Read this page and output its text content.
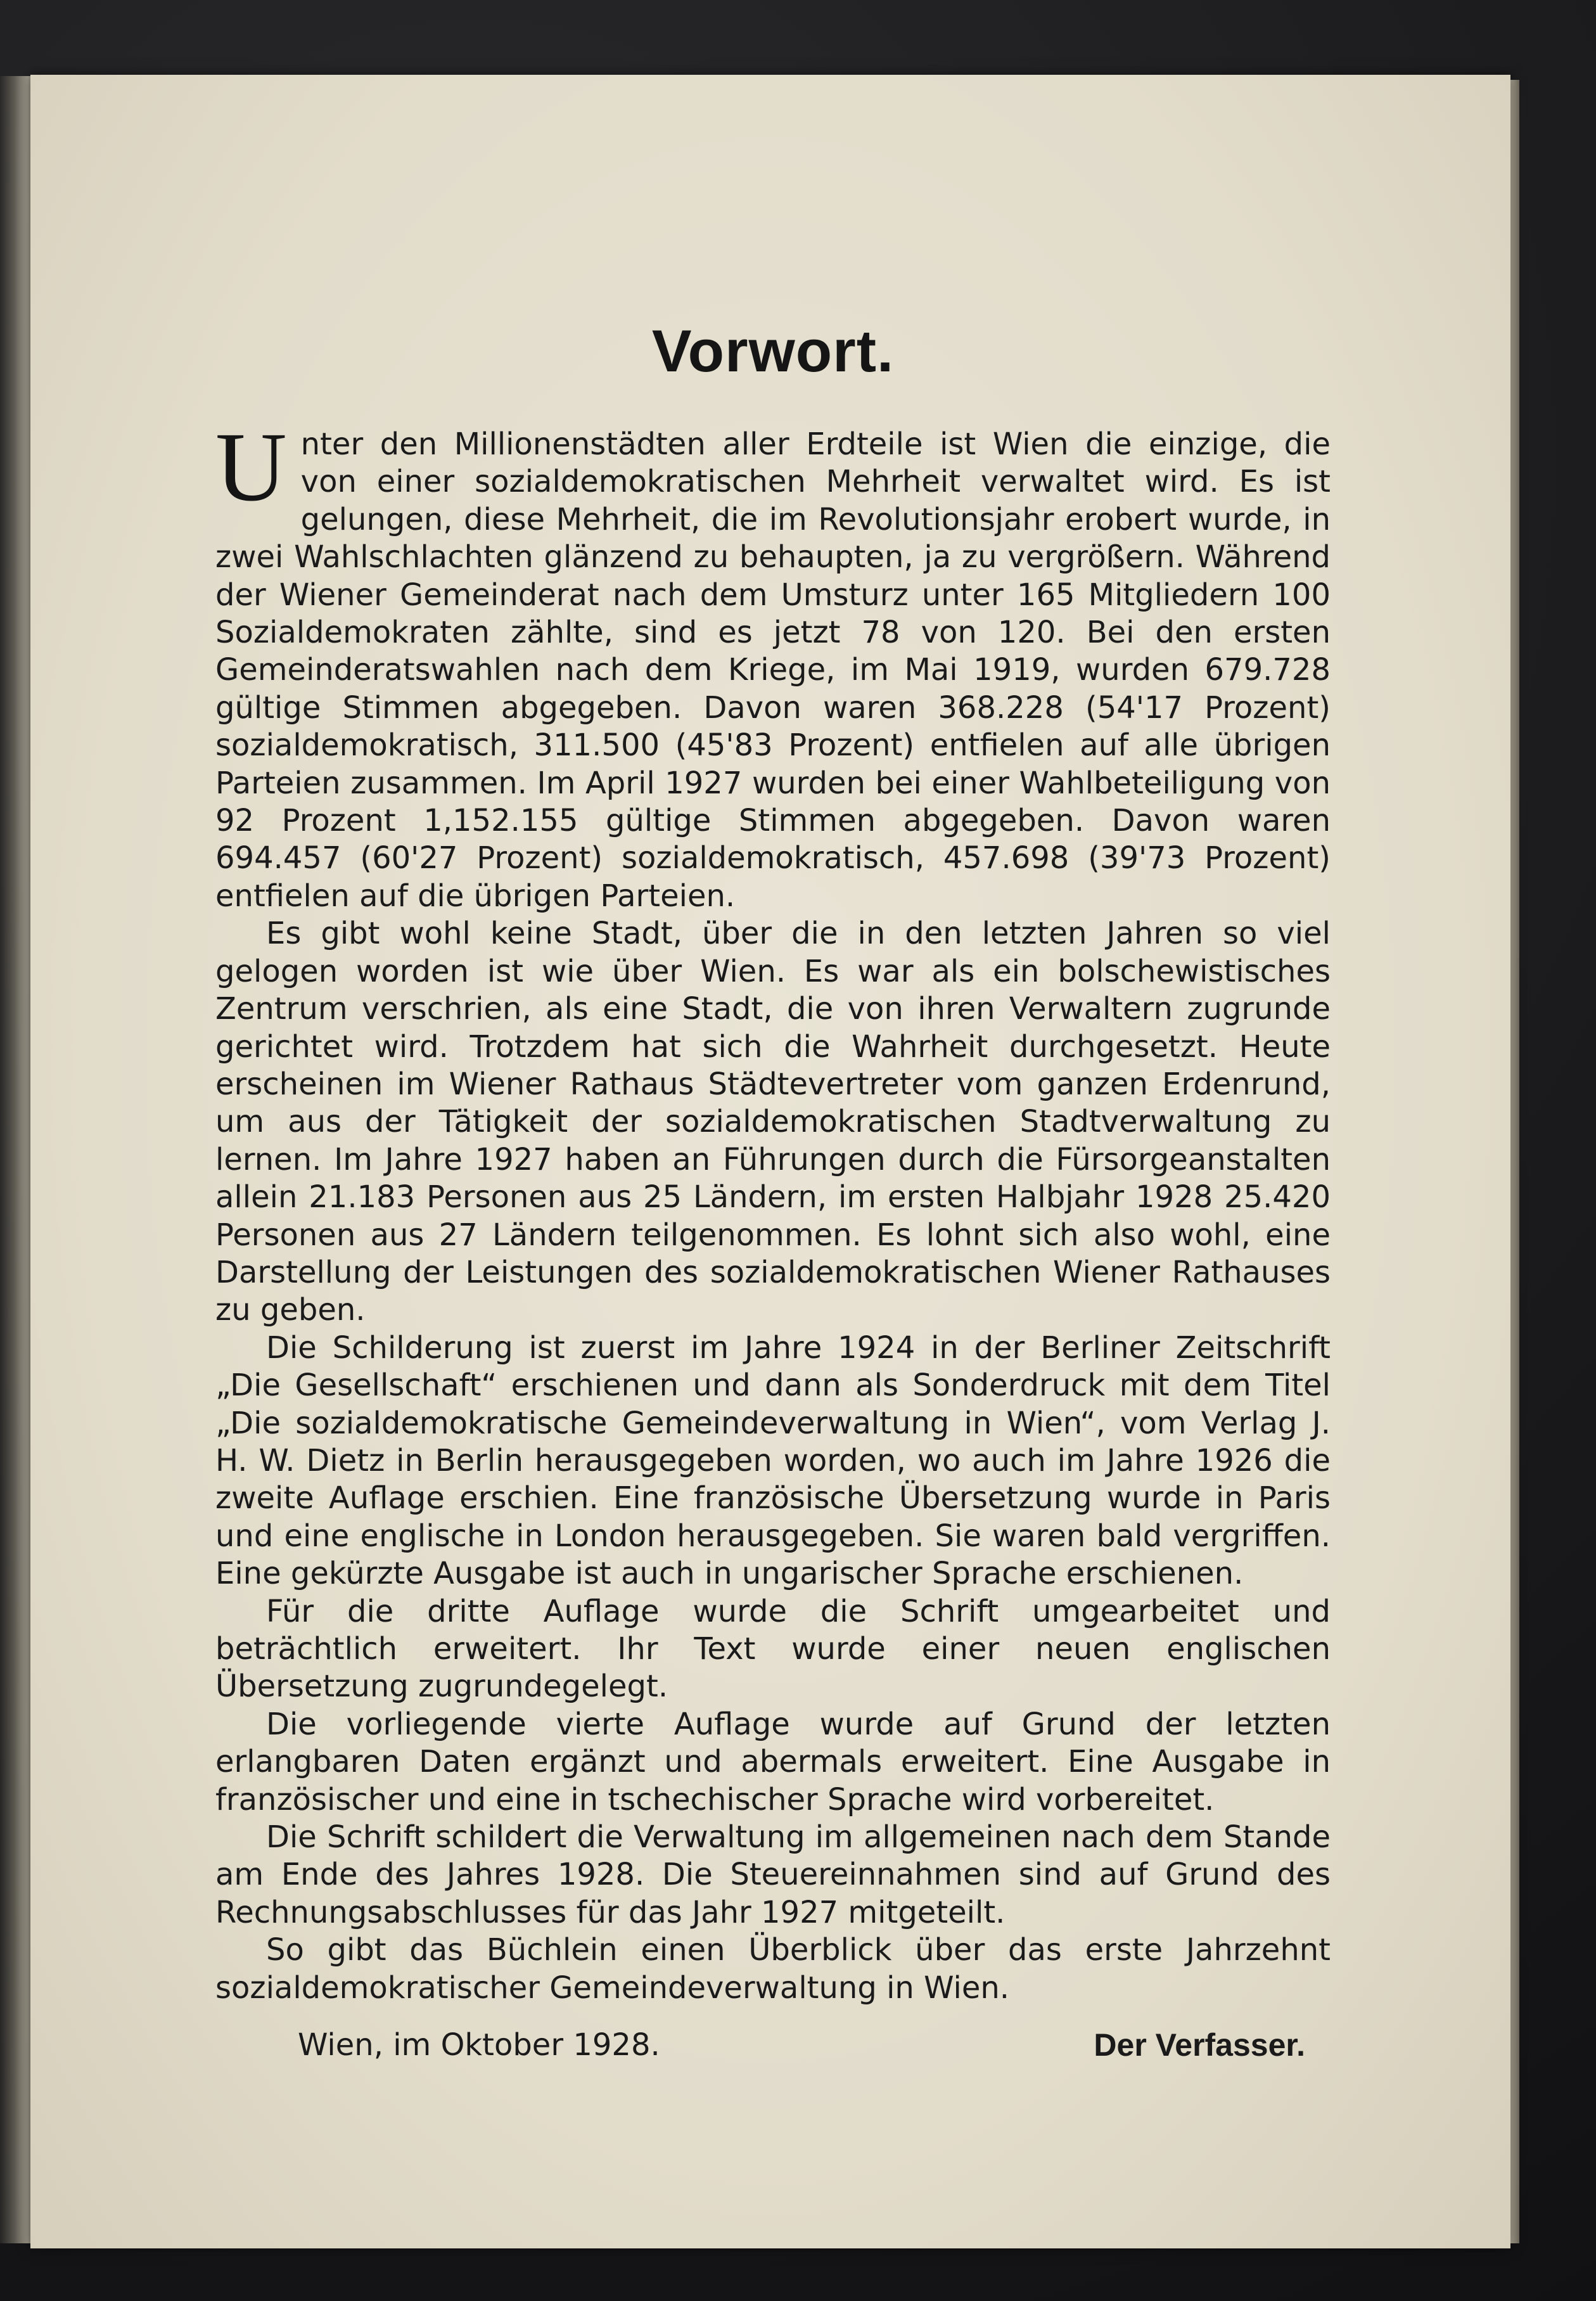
Vorwort.

Unter den Millionenstädten aller Erdteile ist Wien die einzige, die von einer sozialdemokratischen Mehrheit verwaltet wird. Es ist gelungen, diese Mehrheit, die im Revolutionsjahr erobert wurde, in zwei Wahlschlachten glänzend zu behaupten, ja zu vergrößern. Während der Wiener Gemeinderat nach dem Umsturz unter 165 Mitgliedern 100 Sozialdemokraten zählte, sind es jetzt 78 von 120. Bei den ersten Gemeinderatswahlen nach dem Kriege, im Mai 1919, wurden 679.728 gültige Stimmen abgegeben. Davon waren 368.228 (54'17 Prozent) sozialdemokratisch, 311.500 (45'83 Prozent) entfielen auf alle übrigen Parteien zusammen. Im April 1927 wurden bei einer Wahlbeteiligung von 92 Prozent 1,152.155 gültige Stimmen abgegeben. Davon waren 694.457 (60'27 Prozent) sozialdemokratisch, 457.698 (39'73 Prozent) entfielen auf die übrigen Parteien.

Es gibt wohl keine Stadt, über die in den letzten Jahren so viel gelogen worden ist wie über Wien. Es war als ein bolschewistisches Zentrum verschrien, als eine Stadt, die von ihren Verwaltern zugrunde gerichtet wird. Trotzdem hat sich die Wahrheit durchgesetzt. Heute erscheinen im Wiener Rathaus Städtevertreter vom ganzen Erdenrund, um aus der Tätigkeit der sozialdemokratischen Stadtverwaltung zu lernen. Im Jahre 1927 haben an Führungen durch die Fürsorgeanstalten allein 21.183 Personen aus 25 Ländern, im ersten Halbjahr 1928 25.420 Personen aus 27 Ländern teilgenommen. Es lohnt sich also wohl, eine Darstellung der Leistungen des sozialdemokratischen Wiener Rathauses zu geben.

Die Schilderung ist zuerst im Jahre 1924 in der Berliner Zeitschrift „Die Gesellschaft“ erschienen und dann als Sonderdruck mit dem Titel „Die sozialdemokratische Gemeindeverwaltung in Wien“, vom Verlag J. H. W. Dietz in Berlin herausgegeben worden, wo auch im Jahre 1926 die zweite Auflage erschien. Eine französische Übersetzung wurde in Paris und eine englische in London herausgegeben. Sie waren bald vergriffen. Eine gekürzte Ausgabe ist auch in ungarischer Sprache erschienen.

Für die dritte Auflage wurde die Schrift umgearbeitet und beträchtlich erweitert. Ihr Text wurde einer neuen englischen Übersetzung zugrundegelegt.

Die vorliegende vierte Auflage wurde auf Grund der letzten erlangbaren Daten ergänzt und abermals erweitert. Eine Ausgabe in französischer und eine in tschechischer Sprache wird vorbereitet.

Die Schrift schildert die Verwaltung im allgemeinen nach dem Stande am Ende des Jahres 1928. Die Steuereinnahmen sind auf Grund des Rechnungsabschlusses für das Jahr 1927 mitgeteilt.

So gibt das Büchlein einen Überblick über das erste Jahrzehnt sozialdemokratischer Gemeindeverwaltung in Wien.

Wien, im Oktober 1928.	Der Verfasser.
